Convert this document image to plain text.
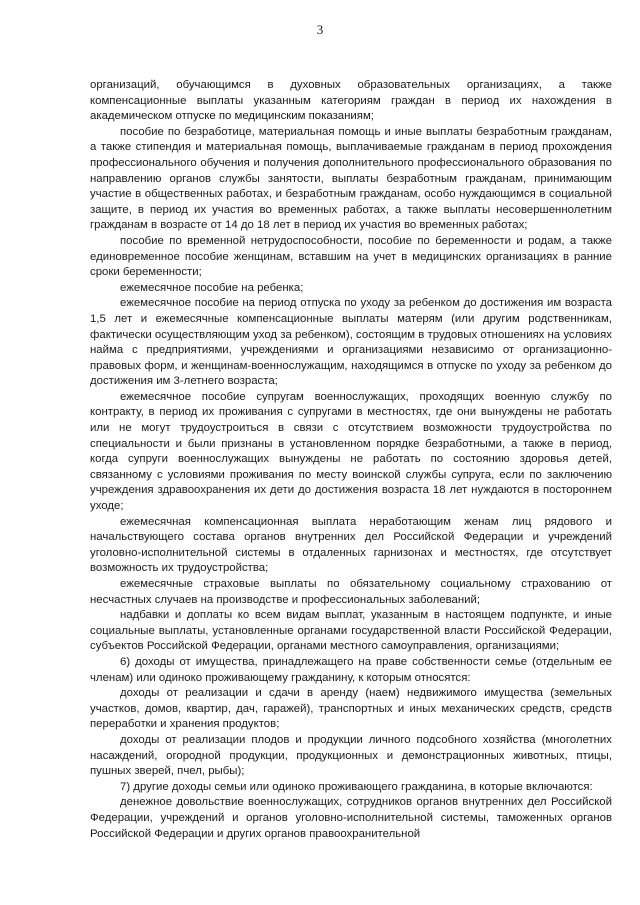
3

организаций, обучающимся в духовных образовательных организациях, а также компенсационные выплаты указанным категориям граждан в период их нахождения в академическом отпуске по медицинским показаниям;

пособие по безработице, материальная помощь и иные выплаты безработным гражданам, а также стипендия и материальная помощь, выплачиваемые гражданам в период прохождения профессионального обучения и получения дополнительного профессионального образования по направлению органов службы занятости, выплаты безработным гражданам, принимающим участие в общественных работах, и безработным гражданам, особо нуждающимся в социальной защите, в период их участия во временных работах, а также выплаты несовершеннолетним гражданам в возрасте от 14 до 18 лет в период их участия во временных работах;

пособие по временной нетрудоспособности, пособие по беременности и родам, а также единовременное пособие женщинам, вставшим на учет в медицинских организациях в ранние сроки беременности;

ежемесячное пособие на ребенка;

ежемесячное пособие на период отпуска по уходу за ребенком до достижения им возраста 1,5 лет и ежемесячные компенсационные выплаты матерям (или другим родственникам, фактически осуществляющим уход за ребенком), состоящим в трудовых отношениях на условиях найма с предприятиями, учреждениями и организациями независимо от организационно-правовых форм, и женщинам-военнослужащим, находящимся в отпуске по уходу за ребенком до достижения им 3-летнего возраста;

ежемесячное пособие супругам военнослужащих, проходящих военную службу по контракту, в период их проживания с супругами в местностях, где они вынуждены не работать или не могут трудоустроиться в связи с отсутствием возможности трудоустройства по специальности и были признаны в установленном порядке безработными, а также в период, когда супруги военнослужащих вынуждены не работать по состоянию здоровья детей, связанному с условиями проживания по месту воинской службы супруга, если по заключению учреждения здравоохранения их дети до достижения возраста 18 лет нуждаются в постороннем уходе;

ежемесячная компенсационная выплата неработающим женам лиц рядового и начальствующего состава органов внутренних дел Российской Федерации и учреждений уголовно-исполнительной системы в отдаленных гарнизонах и местностях, где отсутствует возможность их трудоустройства;

ежемесячные страховые выплаты по обязательному социальному страхованию от несчастных случаев на производстве и профессиональных заболеваний;

надбавки и доплаты ко всем видам выплат, указанным в настоящем подпункте, и иные социальные выплаты, установленные органами государственной власти Российской Федерации, субъектов Российской Федерации, органами местного самоуправления, организациями;

6) доходы от имущества, принадлежащего на праве собственности семье (отдельным ее членам) или одиноко проживающему гражданину, к которым относятся:

доходы от реализации и сдачи в аренду (наем) недвижимого имущества (земельных участков, домов, квартир, дач, гаражей), транспортных и иных механических средств, средств переработки и хранения продуктов;

доходы от реализации плодов и продукции личного подсобного хозяйства (многолетних насаждений, огородной продукции, продукционных и демонстрационных животных, птицы, пушных зверей, пчел, рыбы);

7) другие доходы семьи или одиноко проживающего гражданина, в которые включаются:

денежное довольствие военнослужащих, сотрудников органов внутренних дел Российской Федерации, учреждений и органов уголовно-исполнительной системы, таможенных органов Российской Федерации и других органов правоохранительной
